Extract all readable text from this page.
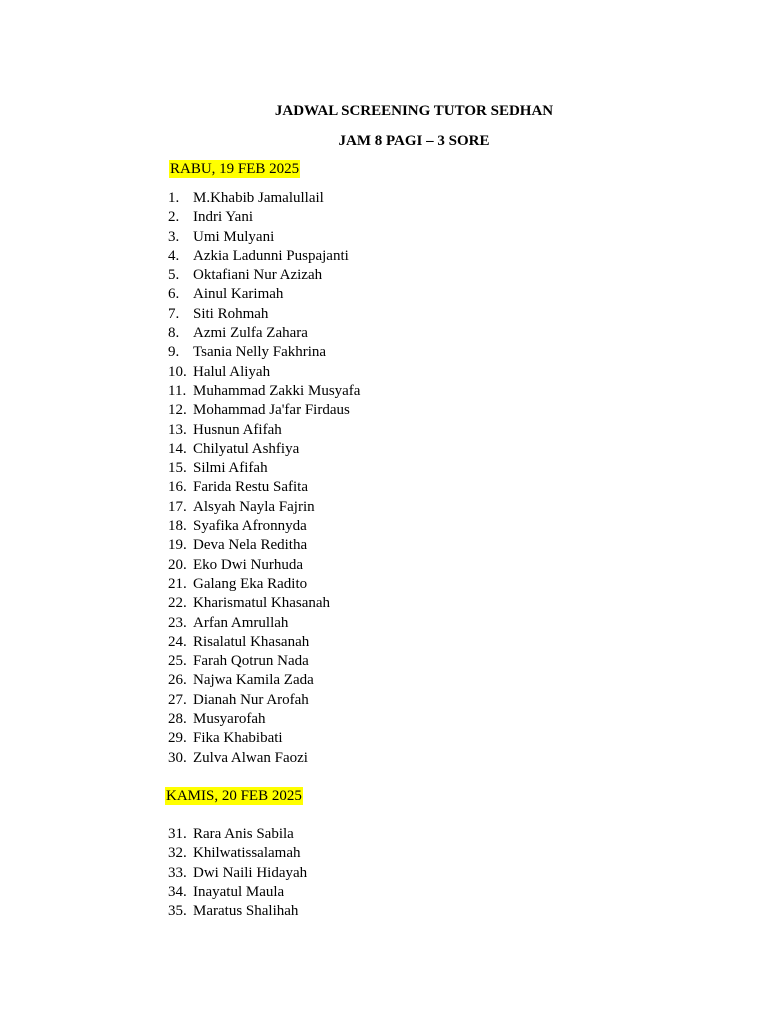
JADWAL SCREENING TUTOR SEDHAN
JAM 8 PAGI – 3 SORE
RABU, 19 FEB 2025
1. M.Khabib Jamalullail
2. Indri Yani
3. Umi Mulyani
4. Azkia Ladunni Puspajanti
5. Oktafiani Nur Azizah
6. Ainul Karimah
7. Siti Rohmah
8. Azmi Zulfa Zahara
9. Tsania Nelly Fakhrina
10. Halul Aliyah
11. Muhammad Zakki Musyafa
12. Mohammad Ja'far Firdaus
13. Husnun Afifah
14. Chilyatul Ashfiya
15. Silmi Afifah
16. Farida Restu Safita
17. Alsyah Nayla Fajrin
18. Syafika Afronnyda
19. Deva Nela Reditha
20. Eko Dwi Nurhuda
21. Galang Eka Radito
22. Kharismatul Khasanah
23. Arfan Amrullah
24. Risalatul Khasanah
25. Farah Qotrun Nada
26. Najwa Kamila Zada
27. Dianah Nur Arofah
28. Musyarofah
29. Fika Khabibati
30. Zulva Alwan Faozi
KAMIS, 20 FEB 2025
31. Rara Anis Sabila
32. Khilwatissalamah
33. Dwi Naili Hidayah
34. Inayatul Maula
35. Maratus Shalihah
